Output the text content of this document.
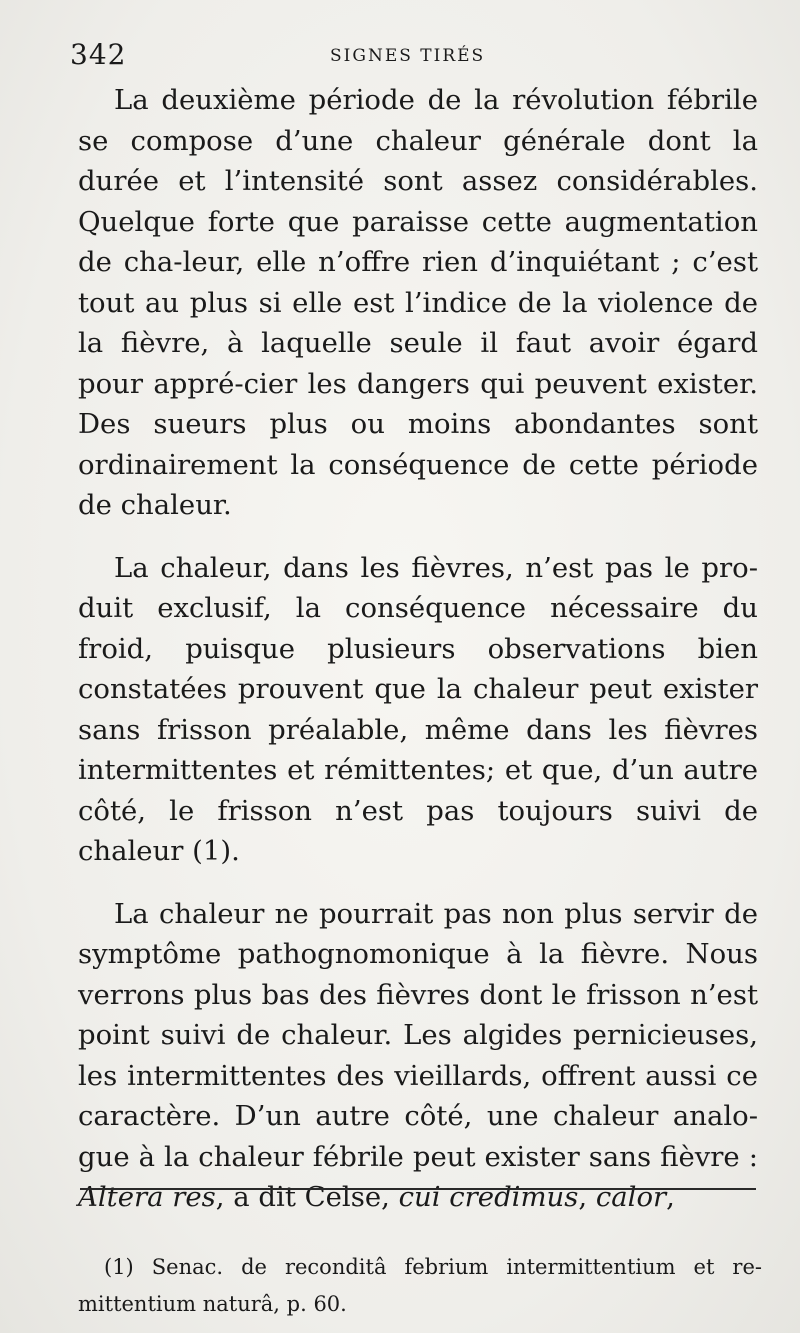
342	SIGNES TIRÉS

La deuxième période de la révolution fébrile se compose d’une chaleur générale dont la durée et l’intensité sont assez considérables. Quelque forte que paraisse cette augmentation de cha-leur, elle n’offre rien d’inquiétant ; c’est tout au plus si elle est l’indice de la violence de la fièvre, à laquelle seule il faut avoir égard pour appré-cier les dangers qui peuvent exister. Des sueurs plus ou moins abondantes sont ordinairement la conséquence de cette période de chaleur.

La chaleur, dans les fièvres, n’est pas le pro-duit exclusif, la conséquence nécessaire du froid, puisque plusieurs observations bien constatées prouvent que la chaleur peut exister sans frisson préalable, même dans les fièvres intermittentes et rémittentes; et que, d’un autre côté, le frisson n’est pas toujours suivi de chaleur (1).

La chaleur ne pourrait pas non plus servir de symptôme pathognomonique à la fièvre. Nous verrons plus bas des fièvres dont le frisson n’est point suivi de chaleur. Les algides pernicieuses, les intermittentes des vieillards, offrent aussi ce caractère. D’un autre côté, une chaleur analo-gue à la chaleur fébrile peut exister sans fièvre : Altera res, a dit Celse, cui credimus, calor,

(1) Senac. de reconditâ febrium intermittentium et re-mittentium naturâ, p. 60.
